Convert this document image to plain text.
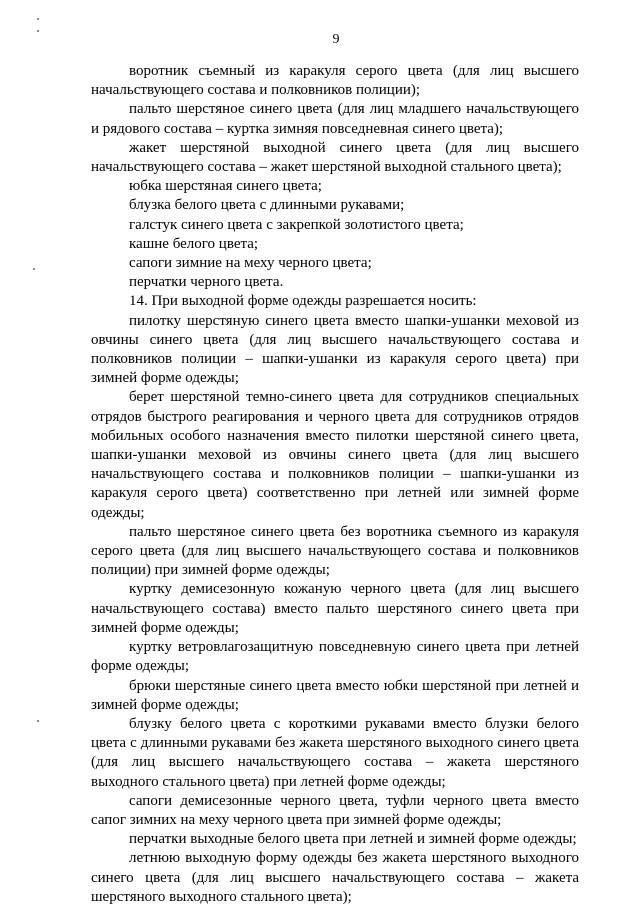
9

воротник съемный из каракуля серого цвета (для лиц высшего начальствующего состава и полковников полиции);

пальто шерстяное синего цвета (для лиц младшего начальствующего и рядового состава – куртка зимняя повседневная синего цвета);

жакет шерстяной выходной синего цвета (для лиц высшего начальствующего состава – жакет шерстяной выходной стального цвета);

юбка шерстяная синего цвета;

блузка белого цвета с длинными рукавами;

галстук синего цвета с закрепкой золотистого цвета;

кашне белого цвета;

сапоги зимние на меху черного цвета;

перчатки черного цвета.

14. При выходной форме одежды разрешается носить:

пилотку шерстяную синего цвета вместо шапки-ушанки меховой из овчины синего цвета (для лиц высшего начальствующего состава и полковников полиции – шапки-ушанки из каракуля серого цвета) при зимней форме одежды;

берет шерстяной темно-синего цвета для сотрудников специальных отрядов быстрого реагирования и черного цвета для сотрудников отрядов мобильных особого назначения вместо пилотки шерстяной синего цвета, шапки-ушанки меховой из овчины синего цвета (для лиц высшего начальствующего состава и полковников полиции – шапки-ушанки из каракуля серого цвета) соответственно при летней или зимней форме одежды;

пальто шерстяное синего цвета без воротника съемного из каракуля серого цвета (для лиц высшего начальствующего состава и полковников полиции) при зимней форме одежды;

куртку демисезонную кожаную черного цвета (для лиц высшего начальствующего состава) вместо пальто шерстяного синего цвета при зимней форме одежды;

куртку ветровлагозащитную повседневную синего цвета при летней форме одежды;

брюки шерстяные синего цвета вместо юбки шерстяной при летней и зимней форме одежды;

блузку белого цвета с короткими рукавами вместо блузки белого цвета с длинными рукавами без жакета шерстяного выходного синего цвета (для лиц высшего начальствующего состава – жакета шерстяного выходного стального цвета) при летней форме одежды;

сапоги демисезонные черного цвета, туфли черного цвета вместо сапог зимних на меху черного цвета при зимней форме одежды;

перчатки выходные белого цвета при летней и зимней форме одежды;

летнюю выходную форму одежды без жакета шерстяного выходного синего цвета (для лиц высшего начальствующего состава – жакета шерстяного выходного стального цвета);
